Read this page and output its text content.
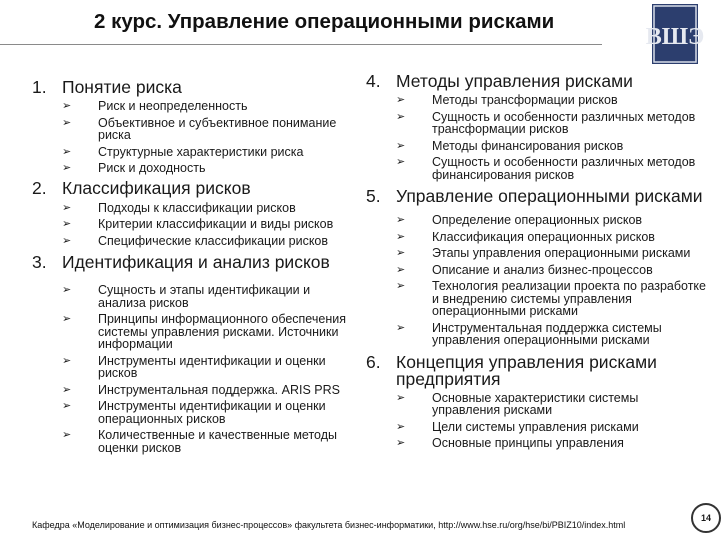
2 курс. Управление операционными рисками
ВШЭ
1. Понятие риска
➢	Риск и неопределенность
➢	Объективное и субъективное понимание риска
➢	Структурные характеристики риска
➢	Риск и доходность
2. Классификация рисков
➢	Подходы к классификации рисков
➢	Критерии классификации и виды рисков
➢	Специфические классификации рисков
3. Идентификация и анализ рисков
➢	Сущность и этапы идентификации и анализа рисков
➢	Принципы информационного обеспечения системы управления рисками. Источники информации
➢	Инструменты идентификации и оценки рисков
➢	Инструментальная поддержка. ARIS PRS
➢	Инструменты идентификации и оценки операционных рисков
➢	Количественные и качественные методы оценки рисков
4. Методы управления рисками
➢	Методы трансформации рисков
➢	Сущность и особенности различных методов трансформации рисков
➢	Методы финансирования рисков
➢	Сущность и особенности различных методов финансирования рисков
5. Управление операционными рисками
➢	Определение операционных рисков
➢	Классификация операционных рисков
➢	Этапы управления операционными рисками
➢	Описание и анализ бизнес-процессов
➢	Технология реализации проекта по разработке и внедрению системы управления операционными рисками
➢	Инструментальная поддержка системы управления операционными рисками
6. Концепция управления рисками предприятия
➢	Основные характеристики системы управления рисками
➢	Цели системы управления рисками
➢	Основные принципы управления
Кафедра «Моделирование и оптимизация бизнес-процессов» факультета бизнес-информатики, http://www.hse.ru/org/hse/bi/PBIZ10/index.html
14
